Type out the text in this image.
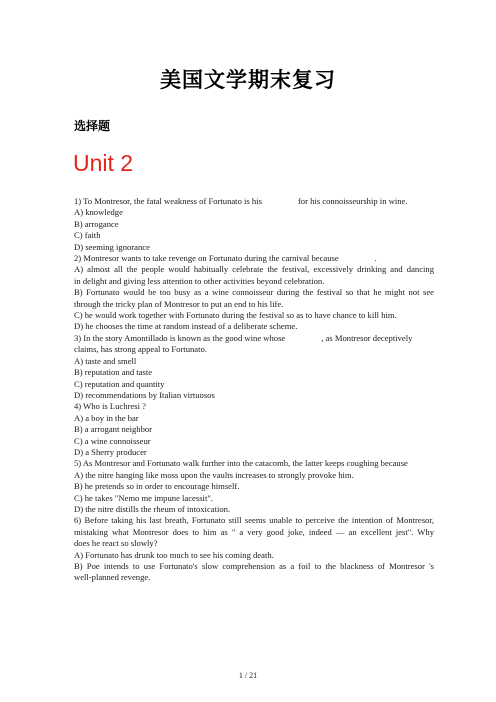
美国文学期末复习
选择题
Unit 2
1) To Montresor, the fatal weakness of Fortunato is his	for his connoisseurship in wine.
A) knowledge
B) arrogance
C) faith
D) seeming ignorance
2) Montresor wants to take revenge on Fortunato during the carnival because	.
A) almost all the people would habitually celebrate the festival, excessively drinking and dancing
in delight and giving less attention to other activities beyond celebration.
B) Fortunato would be too busy as a wine connoisseur during the festival so that he might not see
through the tricky plan of Montresor to put an end to his life.
C) he would work together with Fortunato during the festival so as to have chance to kill him.
D) he chooses the time at random instead of a deliberate scheme.
3) In the story Amontillado is known as the good wine whose	, as Montresor deceptively
claims, has strong appeal to Fortunato.
A) taste and smell
B) reputation and taste
C) reputation and quantity
D) recommendations by Italian virtuosos
4) Who is Luchresi ?
A) a boy in the bar
B) a arrogant neighbor
C) a wine connoisseur
D) a Sherry producer
5) As Montresor and Fortunato walk further into the catacomb, the latter keeps coughing because
A) the nitre hanging like moss upon the vaults increases to strongly provoke him.
B) he pretends so in order to encourage himself.
C) he takes "Nemo me impune lacessit".
D) the nitre distills the rheum of intoxication.
6) Before taking his last breath, Fortunato still seems unable to perceive the intention of Montresor,
mistaking what Montresor does to him as " a very good joke, indeed — an excellent jest". Why
does he react so slowly?
A) Fortunato has drunk too much to see his coming death.
B) Poe intends to use Fortunato's slow comprehension as a foil to the blackness of Montresor 's
well-planned revenge.
1 / 21
